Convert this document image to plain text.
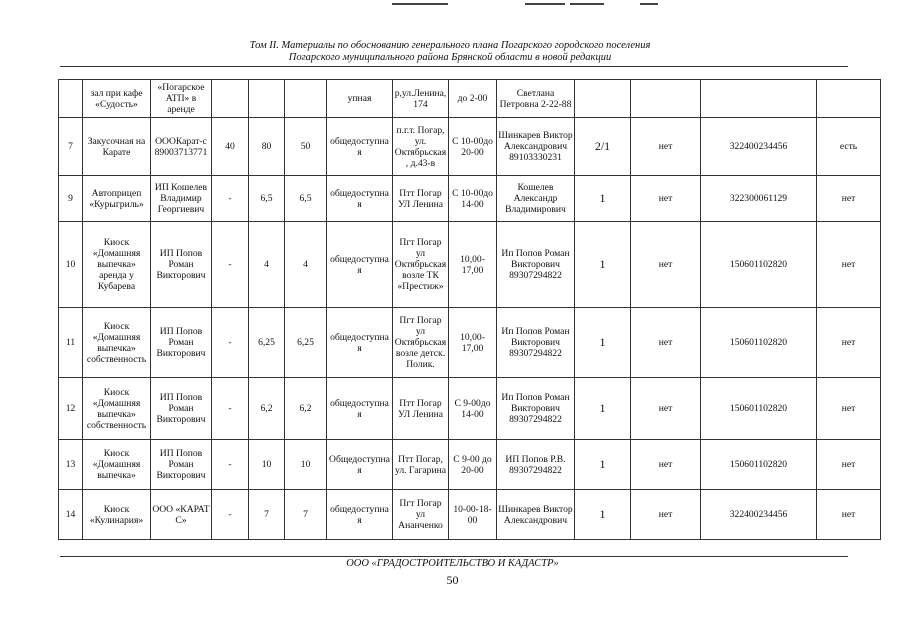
Том II. Материалы по обоснованию генерального плана Погарского городского поселения
Погарского муниципального района Брянской области в новой редакции
	зал при кафе «Судость»	«Погарское АТП» в аренде				упная	р,ул.Ленина,174	до 2-00	Светлана Петровна 2-22-88				
7	Закусочная на Карате	ОООКарат-с 89003713771	40	80	50	общедоступная	п.г.т. Погар, ул. Октябрьская, д.43-в	С 10-00до 20-00	Шинкарев Виктор Александрович 89103330231	2/1	нет	322400234456	есть
9	Автоприцеп «Курыгриль»	ИП Кошелев Владимир Георгиевич	-	6,5	6,5	общедоступная	Птт Погар УЛ Ленина	С 10-00до 14-00	Кошелев Александр Владимирович	1	нет	322300061129	нет
10	Киоск «Домашняя выпечка» аренда у Кубарева	ИП Попов Роман Викторович	-	4	4	общедоступная	Пгт Погар ул Октябрьская возле ТК «Престиж»	10,00-17,00	Ип Попов Роман Викторович 89307294822	1	нет	150601102820	нет
11	Киоск «Домашняя выпечка» собственность	ИП Попов Роман Викторович	-	6,25	6,25	общедоступная	Пгт Погар ул Октябрьская возле детск. Полик.	10,00-17,00	Ип Попов Роман Викторович 89307294822	1	нет	150601102820	нет
12	Киоск «Домашняя выпечка» собственность	ИП Попов Роман Викторович	-	6,2	6,2	общедоступная	Птт Погар УЛ Ленина	С 9-00до 14-00	Ип Попов Роман Викторович 89307294822	1	нет	150601102820	нет
13	Киоск «Домашняя выпечка»	ИП Попов Роман Викторович	-	10	10	Общедоступная	Птт Погар, ул. Гагарина	С 9-00 до 20-00	ИП Попов Р.В. 89307294822	1	нет	150601102820	нет
14	Киоск «Кулинария»	ООО «КАРАТ С»	-	7	7	общедоступная	Пгт Погар ул Ананченко	10-00-18-00	Шинкарев Виктор Александрович	1	нет	322400234456	нет
ООО «ГРАДОСТРОИТЕЛЬСТВО И КАДАСТР»
50
